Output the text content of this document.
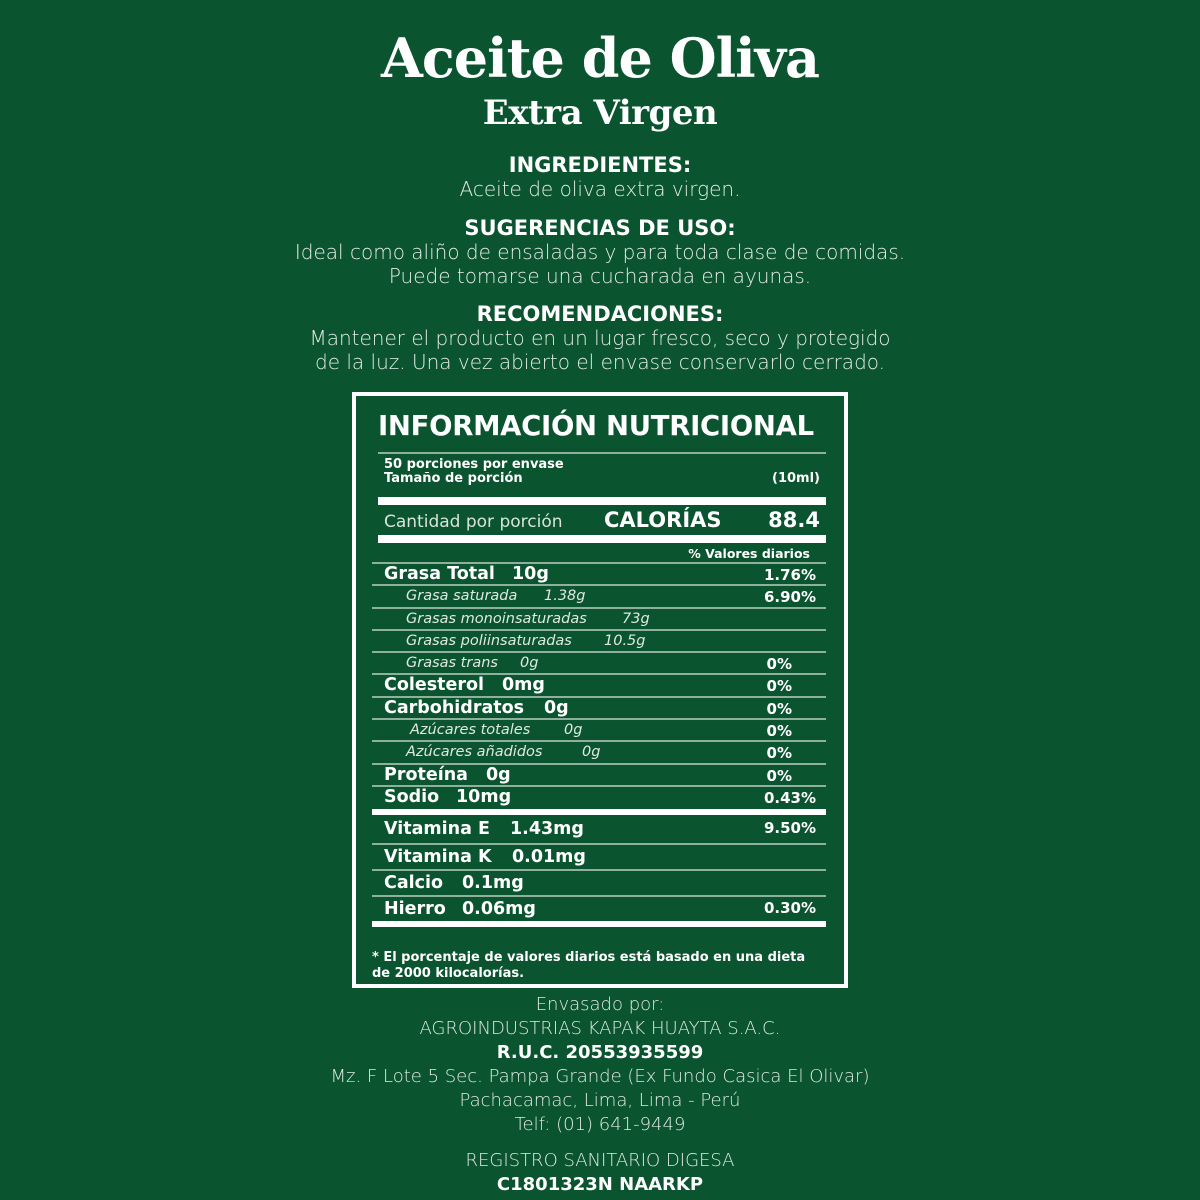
Aceite de Oliva
Extra Virgen
INGREDIENTES:
Aceite de oliva extra virgen.
SUGERENCIAS DE USO:
Ideal como aliño de ensaladas y para toda clase de comidas.
Puede tomarse una cucharada en ayunas.
RECOMENDACIONES:
Mantener el producto en un lugar fresco, seco y protegido
de la luz. Una vez abierto el envase conservarlo cerrado.
INFORMACIÓN NUTRICIONAL
50 porciones por envase
Tamaño de porción	(10ml)
Cantidad por porción CALORÍAS 88.4
% Valores diarios
Grasa Total 10g	1.76%
Grasa saturada 1.38g	6.90%
Grasas monoinsaturadas 73g
Grasas poliinsaturadas 10.5g
Grasas trans 0g	0%
Colesterol 0mg	0%
Carbohidratos 0g	0%
Azúcares totales 0g	0%
Azúcares añadidos	0g	0%
Proteína 0g	0%
Sodio 10mg	0.43%
Vitamina E 1.43mg	9.50%
Vitamina K 0.01mg
Calcio 0.1mg
Hierro 0.06mg	0.30%
* El porcentaje de valores diarios está basado en una dieta de 2000 kilocalorías.
Envasado por:
AGROINDUSTRIAS KAPAK HUAYTA S.A.C.
R.U.C. 20553935599
Mz. F Lote 5 Sec. Pampa Grande (Ex Fundo Casica El Olivar)
Pachacamac, Lima, Lima - Perú
Telf: (01) 641-9449
REGISTRO SANITARIO DIGESA
C1801323N NAARKP
